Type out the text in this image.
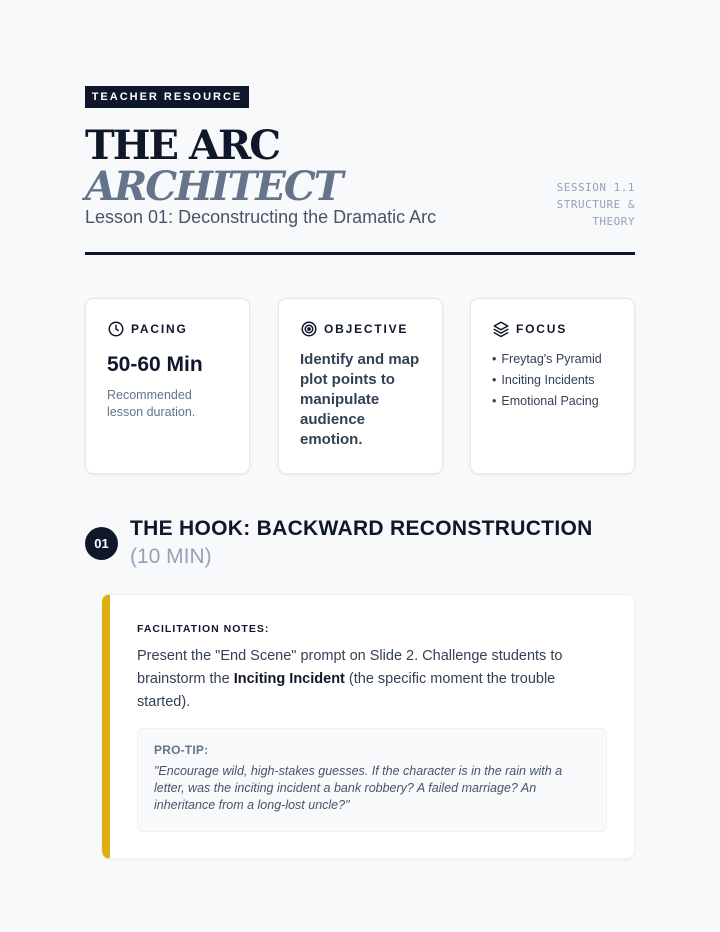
TEACHER RESOURCE
THE ARC
ARCHITECT
Lesson 01: Deconstructing the Dramatic Arc
SESSION 1.1
STRUCTURE &
THEORY
PACING
50-60 Min
Recommended lesson duration.
OBJECTIVE
Identify and map plot points to manipulate audience emotion.
FOCUS
• Freytag's Pyramid
• Inciting Incidents
• Emotional Pacing
01
THE HOOK: BACKWARD RECONSTRUCTION
(10 MIN)
FACILITATION NOTES:
Present the "End Scene" prompt on Slide 2. Challenge students to brainstorm the Inciting Incident (the specific moment the trouble started).
PRO-TIP:
"Encourage wild, high-stakes guesses. If the character is in the rain with a letter, was the inciting incident a bank robbery? A failed marriage? An inheritance from a long-lost uncle?"
